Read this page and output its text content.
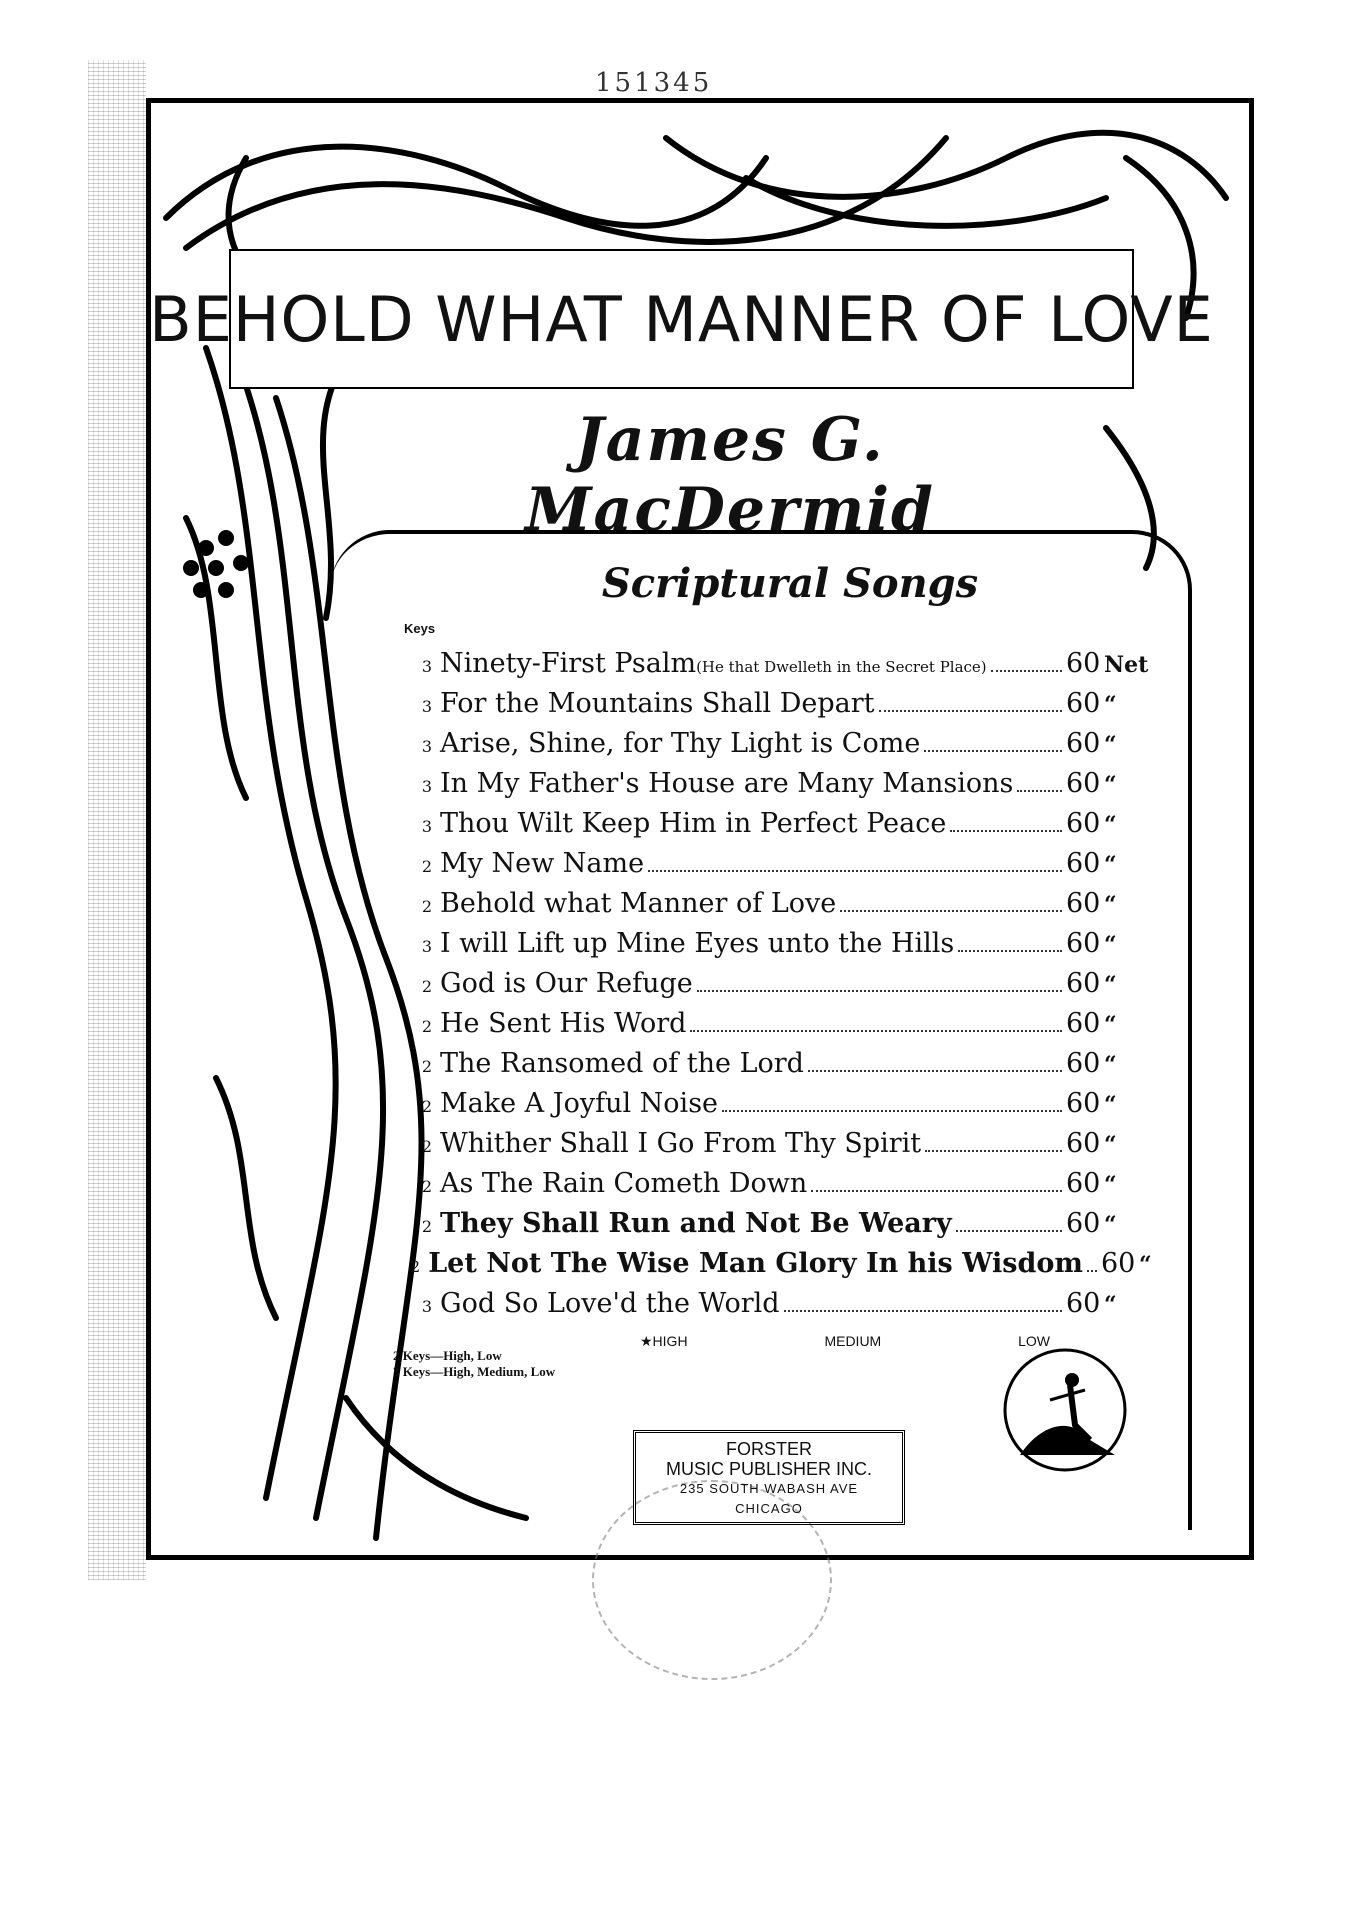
151345
BEHOLD WHAT MANNER OF LOVE
James G. MacDermid
Scriptural Songs
Keys
3 Ninety-First Psalm (He that Dwelleth in the Secret Place)	60 Net
3 For the Mountains Shall Depart	60 “
3 Arise, Shine, for Thy Light is Come	60 “
3 In My Father's House are Many Mansions 60 “
3 Thou Wilt Keep Him in Perfect Peace	60 “
2 My New Name	60 “
2 Behold what Manner of Love	60 “
3 I will Lift up Mine Eyes unto the Hills	60 “
2 God is Our Refuge	60 “
2 He Sent His Word	60 “
2 The Ransomed of the Lord	60 “
2 Make A Joyful Noise	60 “
2 Whither Shall I Go From Thy Spirit	60 “
2 As The Rain Cometh Down	60 “
2 They Shall Run and Not Be Weary	60 “
2 Let Not The Wise Man Glory In his Wisdom 60 “
3 God So Love'd the World	60 “
★HIGH	MEDIUM	LOW
2 Keys—High, Low
3 Keys—High, Medium, Low
FORSTER
MUSIC PUBLISHER INC.
235 SOUTH WABASH AVE
CHICAGO
